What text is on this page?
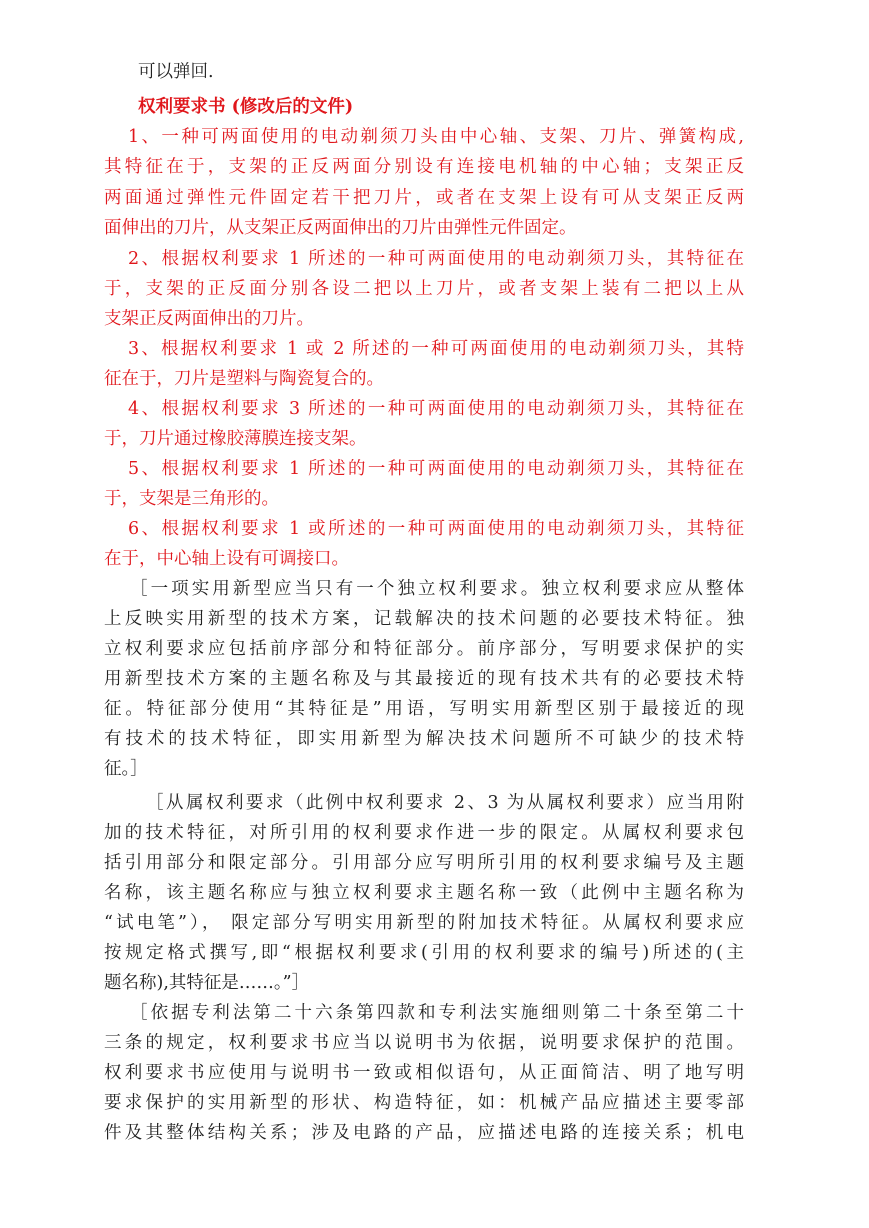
可以弹回.
权利要求书 (修改后的文件)
1、一种可两面使用的电动剃须刀头由中心轴、支架、刀片、弹簧构成,
其特征在于，支架的正反两面分别设有连接电机轴的中心轴；支架正反
两面通过弹性元件固定若干把刀片，或者在支架上设有可从支架正反两
面伸出的刀片，从支架正反两面伸出的刀片由弹性元件固定。
2、根据权利要求 1 所述的一种可两面使用的电动剃须刀头，其特征在
于，支架的正反面分别各设二把以上刀片，或者支架上装有二把以上从
支架正反两面伸出的刀片。
3、根据权利要求 1 或 2 所述的一种可两面使用的电动剃须刀头，其特
征在于，刀片是塑料与陶瓷复合的。
4、根据权利要求 3 所述的一种可两面使用的电动剃须刀头，其特征在
于，刀片通过橡胶薄膜连接支架。
5、根据权利要求 1 所述的一种可两面使用的电动剃须刀头，其特征在
于，支架是三角形的。
6、根据权利要求 1 或所述的一种可两面使用的电动剃须刀头，其特征
在于，中心轴上设有可调接口。
［一项实用新型应当只有一个独立权利要求。独立权利要求应从整体
上反映实用新型的技术方案，记载解决的技术问题的必要技术特征。独
立权利要求应包括前序部分和特征部分。前序部分，写明要求保护的实
用新型技术方案的主题名称及与其最接近的现有技术共有的必要技术特
征。特征部分使用“其特征是”用语，写明实用新型区别于最接近的现
有技术的技术特征，即实用新型为解决技术问题所不可缺少的技术特
征。］
［从属权利要求（此例中权利要求 2、3 为从属权利要求）应当用附
加的技术特征，对所引用的权利要求作进一步的限定。从属权利要求包
括引用部分和限定部分。引用部分应写明所引用的权利要求编号及主题
名称，该主题名称应与独立权利要求主题名称一致（此例中主题名称为
“试电笔”）， 限定部分写明实用新型的附加技术特征。从属权利要求应
按规定格式撰写,即“根据权利要求(引用的权利要求的编号)所述的(主
题名称),其特征是……。”］
［依据专利法第二十六条第四款和专利法实施细则第二十条至第二十
三条的规定，权利要求书应当以说明书为依据，说明要求保护的范围。
权利要求书应使用与说明书一致或相似语句，从正面简洁、明了地写明
要求保护的实用新型的形状、构造特征，如：机械产品应描述主要零部
件及其整体结构关系；涉及电路的产品，应描述电路的连接关系；机电
